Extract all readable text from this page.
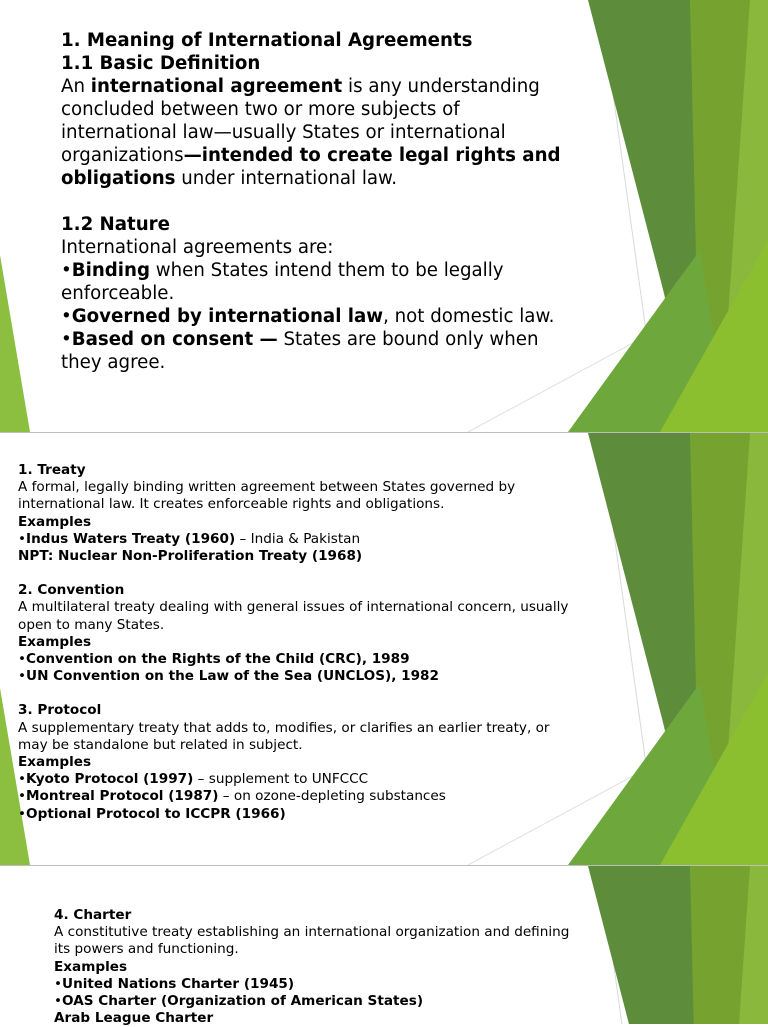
1. Meaning of International Agreements

1.1 Basic Definition

An international agreement is any understanding concluded between two or more subjects of international law—usually States or international organizations—intended to create legal rights and obligations under international law.

1.2 Nature

International agreements are:

•Binding when States intend them to be legally enforceable.

•Governed by international law, not domestic law.

•Based on consent — States are bound only when they agree.

1. Treaty

A formal, legally binding written agreement between States governed by international law. It creates enforceable rights and obligations.

Examples

•Indus Waters Treaty (1960) – India & Pakistan

NPT: Nuclear Non-Proliferation Treaty (1968)

2. Convention

A multilateral treaty dealing with general issues of international concern, usually open to many States.

Examples

•Convention on the Rights of the Child (CRC), 1989

•UN Convention on the Law of the Sea (UNCLOS), 1982

3. Protocol

A supplementary treaty that adds to, modifies, or clarifies an earlier treaty, or may be standalone but related in subject.

Examples

•Kyoto Protocol (1997) – supplement to UNFCCC

•Montreal Protocol (1987) – on ozone-depleting substances

•Optional Protocol to ICCPR (1966)

4. Charter

A constitutive treaty establishing an international organization and defining its powers and functioning.

Examples

•United Nations Charter (1945)

•OAS Charter (Organization of American States)

Arab League Charter
